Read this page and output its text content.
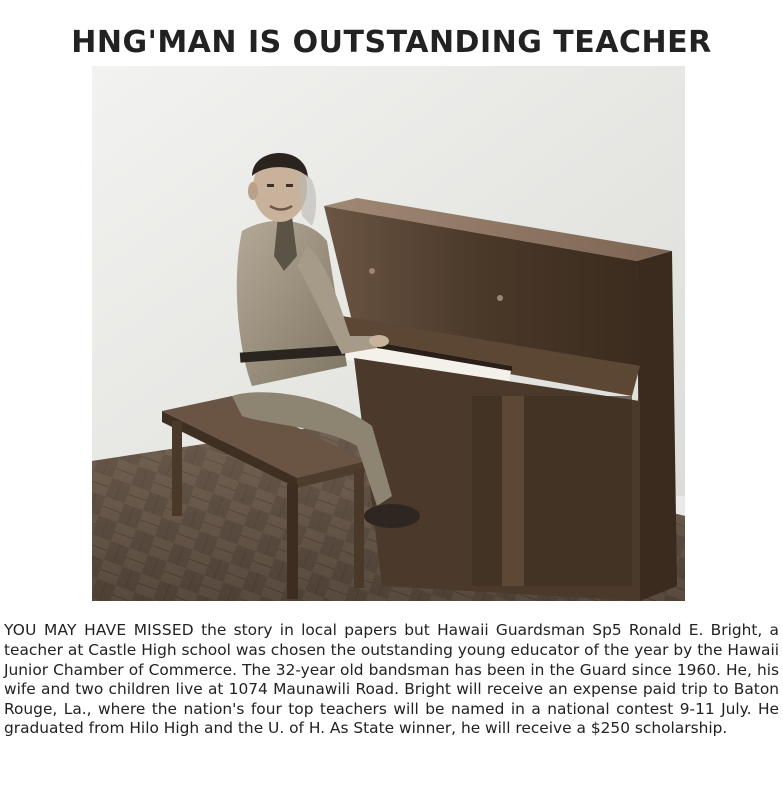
HNG'MAN IS OUTSTANDING TEACHER

YOU MAY HAVE MISSED the story in local papers but Hawaii Guardsman Sp5 Ronald E. Bright, a teacher at Castle High school was chosen the outstanding young educator of the year by the Hawaii Junior Chamber of Commerce. The 32-year old bandsman has been in the Guard since 1960. He, his wife and two children live at 1074 Maunawili Road. Bright will receive an expense paid trip to Baton Rouge, La., where the nation's four top teachers will be named in a national contest 9-11 July. He graduated from Hilo High and the U. of H. As State winner, he will receive a $250 scholarship.
